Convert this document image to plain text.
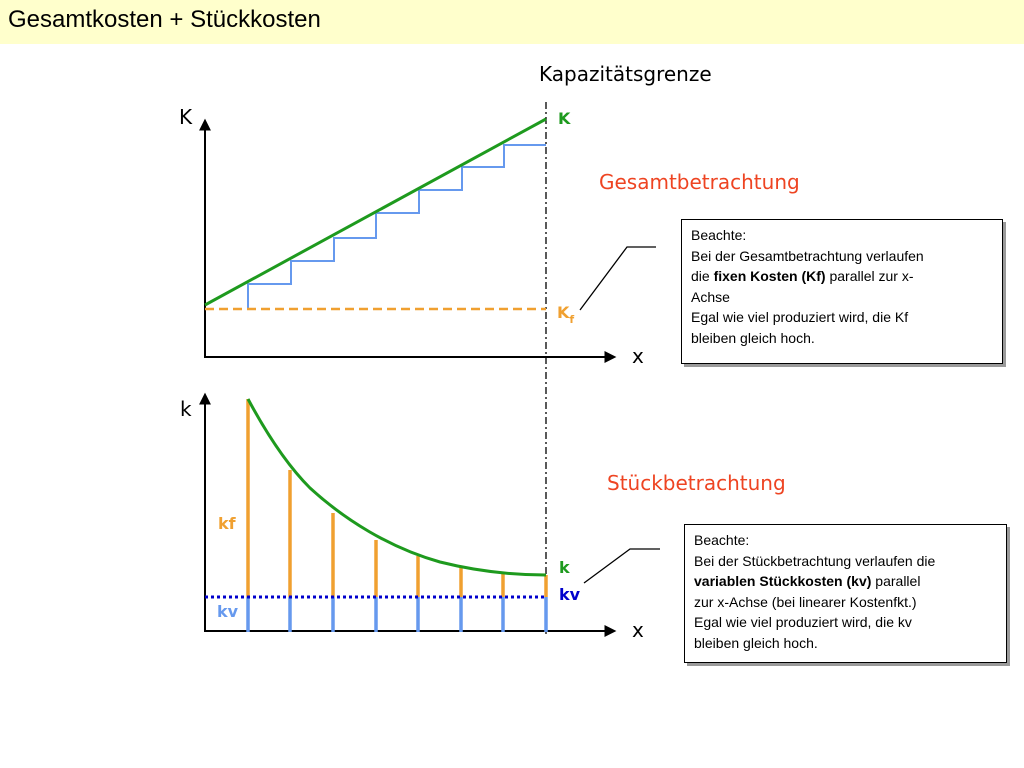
Gesamtkosten + Stückkosten
Kapazitätsgrenze
K
x
K
$K_f$
Gesamtbetrachtung
k
x
k
kv
kf
kv
Stückbetrachtung
Beachte:
Bei der Gesamtbetrachtung verlaufen
die fixen Kosten (Kf) parallel zur x-
Achse
Egal wie viel produziert wird, die Kf
bleiben gleich hoch.
Beachte:
Bei der Stückbetrachtung verlaufen die
variablen Stückkosten (kv) parallel
zur x-Achse (bei linearer Kostenfkt.)
Egal wie viel produziert wird, die kv
bleiben gleich hoch.
